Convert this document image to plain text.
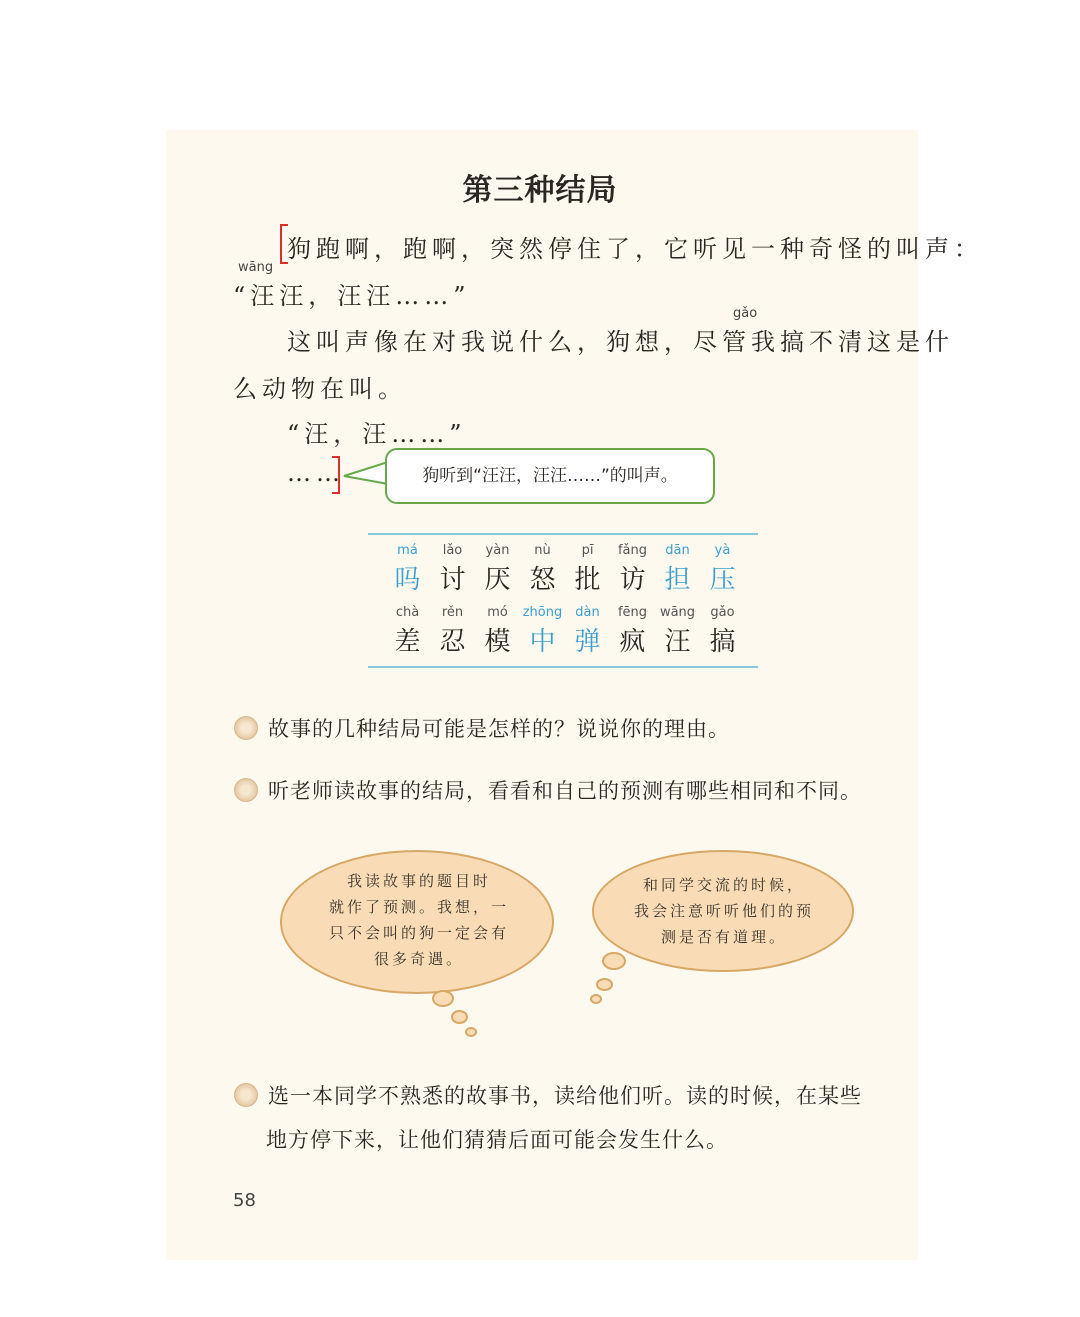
第三种结局
狗跑啊，跑啊，突然停住了，它听见一种奇怪的叫声：
wāng
“汪汪，汪汪……”
gǎo
这叫声像在对我说什么，狗想，尽管我搞不清这是什
么动物在叫。
“汪，汪……”
……	狗听到“汪汪，汪汪……”的叫声。
má
吗
lǎo
讨
yàn
厌
nù
怒
pī
批
fǎng
访
dān
担
yà
压
chà
差
rěn
忍
mó
模
zhōng
中
dàn
弹
fēng
疯
wāng
汪
gǎo
搞
故事的几种结局可能是怎样的？说说你的理由。
听老师读故事的结局，看看和自己的预测有哪些相同和不同。
我读故事的题目时
就作了预测。我想，一
只不会叫的狗一定会有
很多奇遇。
和同学交流的时候，
我会注意听听他们的预
测是否有道理。
选一本同学不熟悉的故事书，读给他们听。读的时候，在某些
地方停下来，让他们猜猜后面可能会发生什么。
58
